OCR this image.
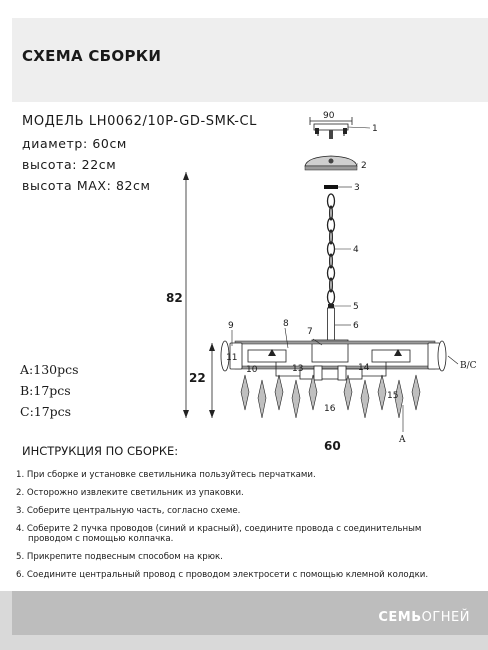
СХЕМА СБОРКИ
МОДЕЛЬ LH0062/10P-GD-SMK-CL
диаметр: 60см
высота: 22см
высота MAX: 82см
A:130pcs
B:17pcs
C:17pcs
90
1
2
3
4
5
6
7
8
9
10
11
13	14
15
16
B/C
A
82
22
60
ИНСТРУКЦИЯ ПО СБОРКЕ:
1. При сборке и установке светильника пользуйтесь перчатками.
2. Осторожно извлеките светильник из упаковки.
3. Соберите центральную часть, согласно схеме.
4. Соберите 2 пучка проводов (синий и красный), соедините провода с соединительным
проводом с помощью колпачка.
5. Прикрепите подвесным способом на крюк.
6. Соедините центральный провод с проводом электросети с помощью клемной колодки.
СЕМЬОГНЕЙ
